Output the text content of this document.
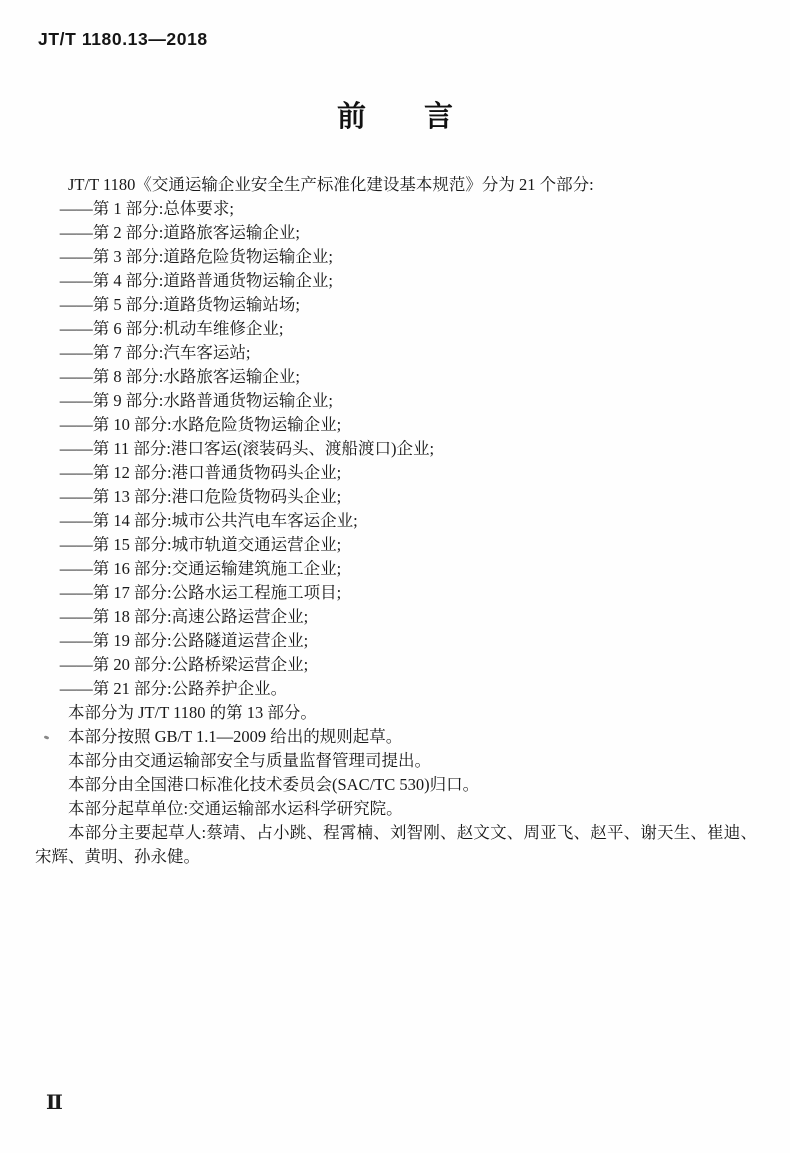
JT/T 1180.13—2018
前　　言

JT/T 1180《交通运输企业安全生产标准化建设基本规范》分为 21 个部分:

——第 1 部分:总体要求;

——第 2 部分:道路旅客运输企业;

——第 3 部分:道路危险货物运输企业;

——第 4 部分:道路普通货物运输企业;

——第 5 部分:道路货物运输站场;

——第 6 部分:机动车维修企业;

——第 7 部分:汽车客运站;

——第 8 部分:水路旅客运输企业;

——第 9 部分:水路普通货物运输企业;

——第 10 部分:水路危险货物运输企业;

——第 11 部分:港口客运(滚装码头、渡船渡口)企业;

——第 12 部分:港口普通货物码头企业;

——第 13 部分:港口危险货物码头企业;

——第 14 部分:城市公共汽电车客运企业;

——第 15 部分:城市轨道交通运营企业;

——第 16 部分:交通运输建筑施工企业;

——第 17 部分:公路水运工程施工项目;

——第 18 部分:高速公路运营企业;

——第 19 部分:公路隧道运营企业;

——第 20 部分:公路桥梁运营企业;

——第 21 部分:公路养护企业。

本部分为 JT/T 1180 的第 13 部分。

本部分按照 GB/T 1.1—2009 给出的规则起草。

本部分由交通运输部安全与质量监督管理司提出。

本部分由全国港口标准化技术委员会(SAC/TC 530)归口。

本部分起草单位:交通运输部水运科学研究院。

本部分主要起草人:蔡靖、占小跳、程霄楠、刘智刚、赵文文、周亚飞、赵平、谢天生、崔迪、宋辉、黄明、孙永健。

Ⅱ
